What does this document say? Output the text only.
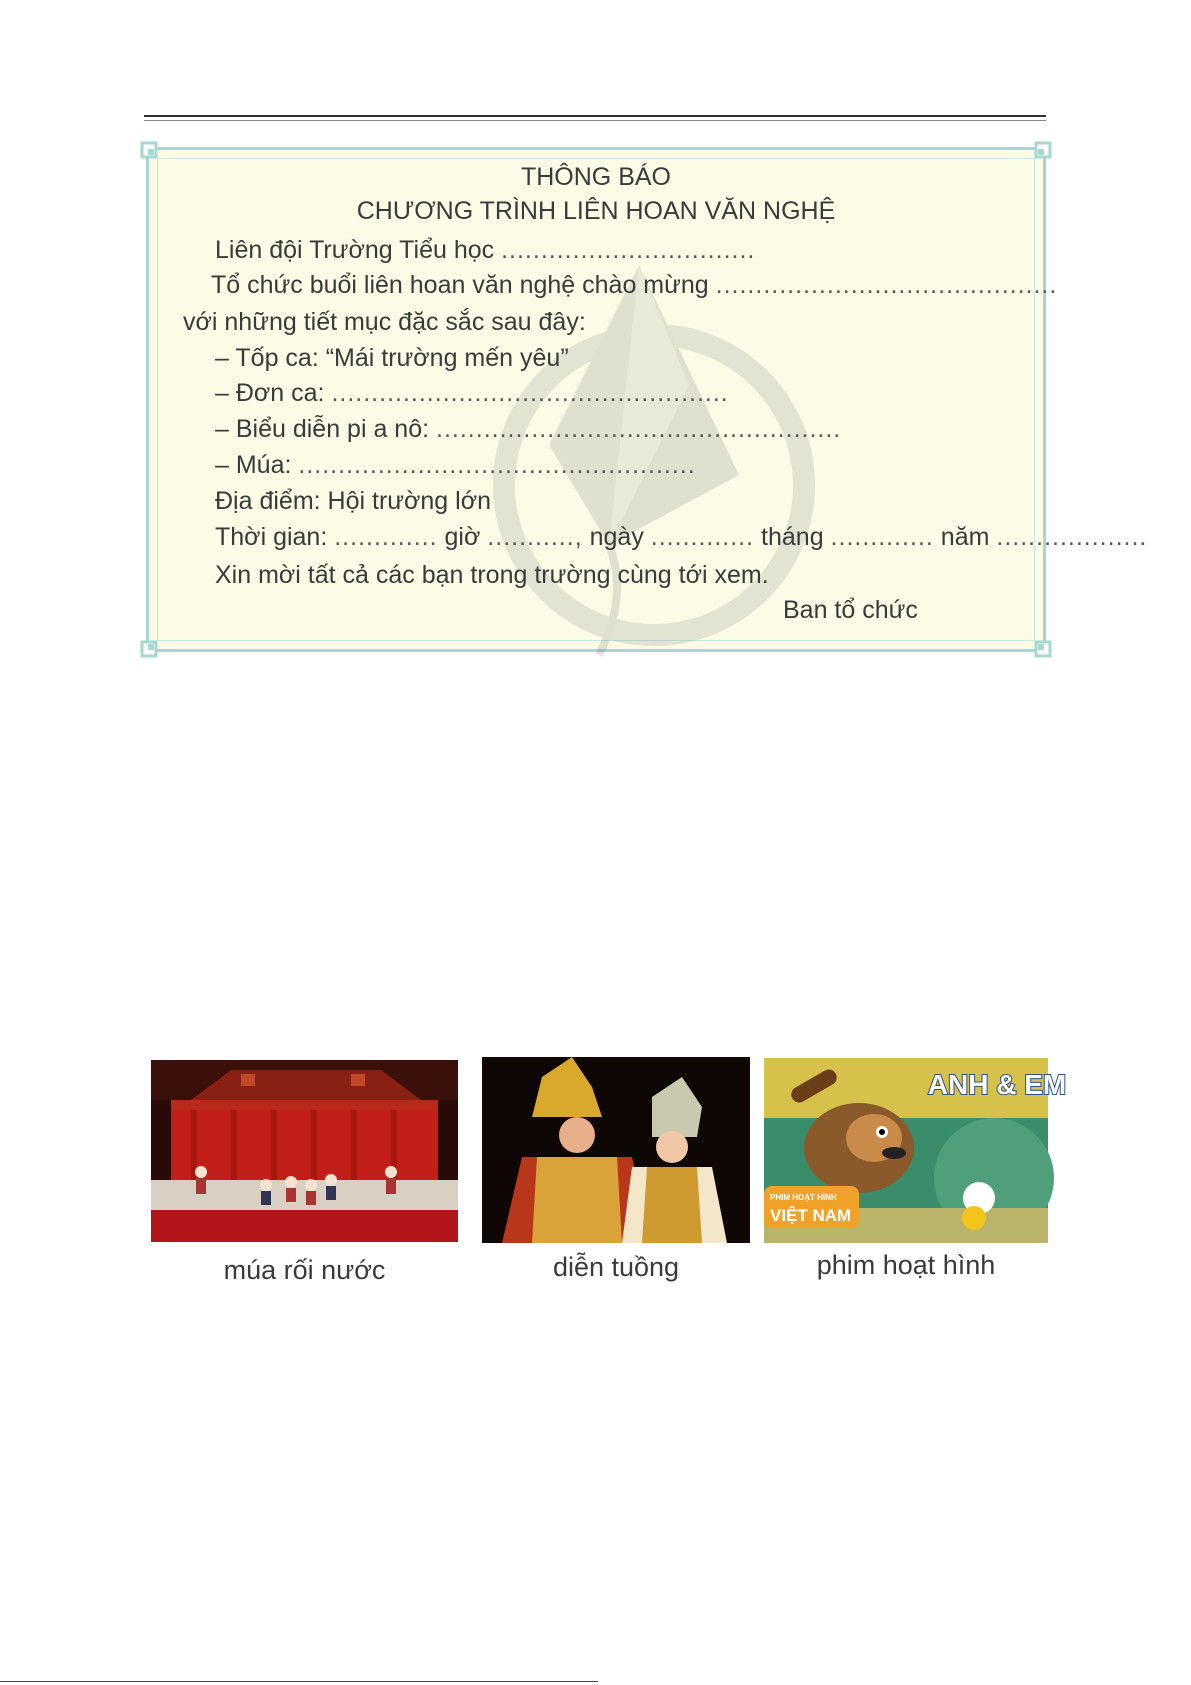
THÔNG BÁO
CHƯƠNG TRÌNH LIÊN HOAN VĂN NGHỆ
Liên đội Trường Tiểu học ................................
Tổ chức buổi liên hoan văn nghệ chào mừng ...........................................
với những tiết mục đặc sắc sau đây:
– Tốp ca: “Mái trường mến yêu”
– Đơn ca: ..................................................
– Biểu diễn pi a nô: ...................................................
– Múa: ..................................................
Địa điểm: Hội trường lớn
Thời gian: ............. giờ ..........., ngày ............. tháng ............. năm ...................
Xin mời tất cả các bạn trong trường cùng tới xem.
Ban tổ chức
ANH & EM
PHIM HOẠT HÌNH
VIỆT NAM
múa rối nước	diễn tuồng	phim hoạt hình
